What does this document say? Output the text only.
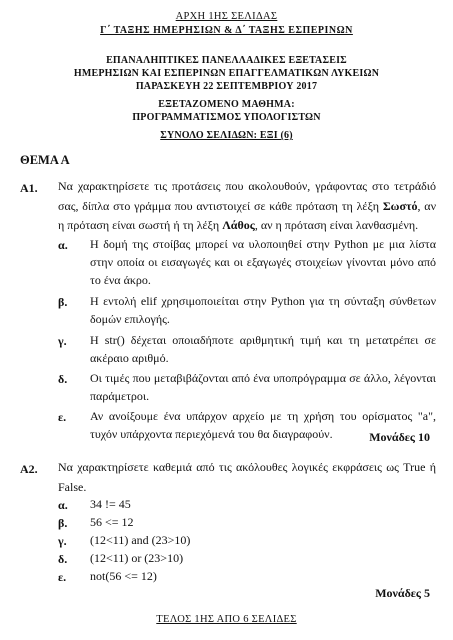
ΑΡΧΗ 1ΗΣ ΣΕΛΙΔΑΣ
Γ΄ ΤΑΞΗΣ ΗΜΕΡΗΣΙΩΝ & Δ΄ ΤΑΞΗΣ ΕΣΠΕΡΙΝΩΝ
ΕΠΑΝΑΛΗΠΤΙΚΕΣ ΠΑΝΕΛΛΑΔΙΚΕΣ ΕΞΕΤΑΣΕΙΣ
ΗΜΕΡΗΣΙΩΝ ΚΑΙ ΕΣΠΕΡΙΝΩΝ ΕΠΑΓΓΕΛΜΑΤΙΚΩΝ ΛΥΚΕΙΩΝ
ΠΑΡΑΣΚΕΥΗ 22 ΣΕΠΤΕΜΒΡΙΟΥ 2017
ΕΞΕΤΑΖΟΜΕΝΟ ΜΑΘΗΜΑ:
ΠΡΟΓΡΑΜΜΑΤΙΣΜΟΣ ΥΠΟΛΟΓΙΣΤΩΝ
ΣΥΝΟΛΟ ΣΕΛΙΔΩΝ: ΕΞΙ (6)
ΘΕΜΑ Α
Α1. Να χαρακτηρίσετε τις προτάσεις που ακολουθούν, γράφοντας στο τετράδιό σας, δίπλα στο γράμμα που αντιστοιχεί σε κάθε πρόταση τη λέξη Σωστό, αν η πρόταση είναι σωστή ή τη λέξη Λάθος, αν η πρόταση είναι λανθασμένη.
α. Η δομή της στοίβας μπορεί να υλοποιηθεί στην Python με μια λίστα στην οποία οι εισαγωγές και οι εξαγωγές στοιχείων γίνονται μόνο από το ένα άκρο.
β. Η εντολή elif χρησιμοποιείται στην Python για τη σύνταξη σύνθετων δομών επιλογής.
γ. Η str() δέχεται οποιαδήποτε αριθμητική τιμή και τη μετατρέπει σε ακέραιο αριθμό.
δ. Οι τιμές που μεταβιβάζονται από ένα υποπρόγραμμα σε άλλο, λέγονται παράμετροι.
ε. Αν ανοίξουμε ένα υπάρχον αρχείο με τη χρήση του ορίσματος "a", τυχόν υπάρχοντα περιεχόμενά του θα διαγραφούν.	Μονάδες 10
Α2. Να χαρακτηρίσετε καθεμιά από τις ακόλουθες λογικές εκφράσεις ως True ή False.
α. 34 != 45
β. 56 <= 12
γ. (12<11) and (23>10)
δ. (12<11) or (23>10)
ε. not(56 <= 12)
Μονάδες 5
ΤΕΛΟΣ 1ΗΣ ΑΠΟ 6 ΣΕΛΙΔΕΣ
